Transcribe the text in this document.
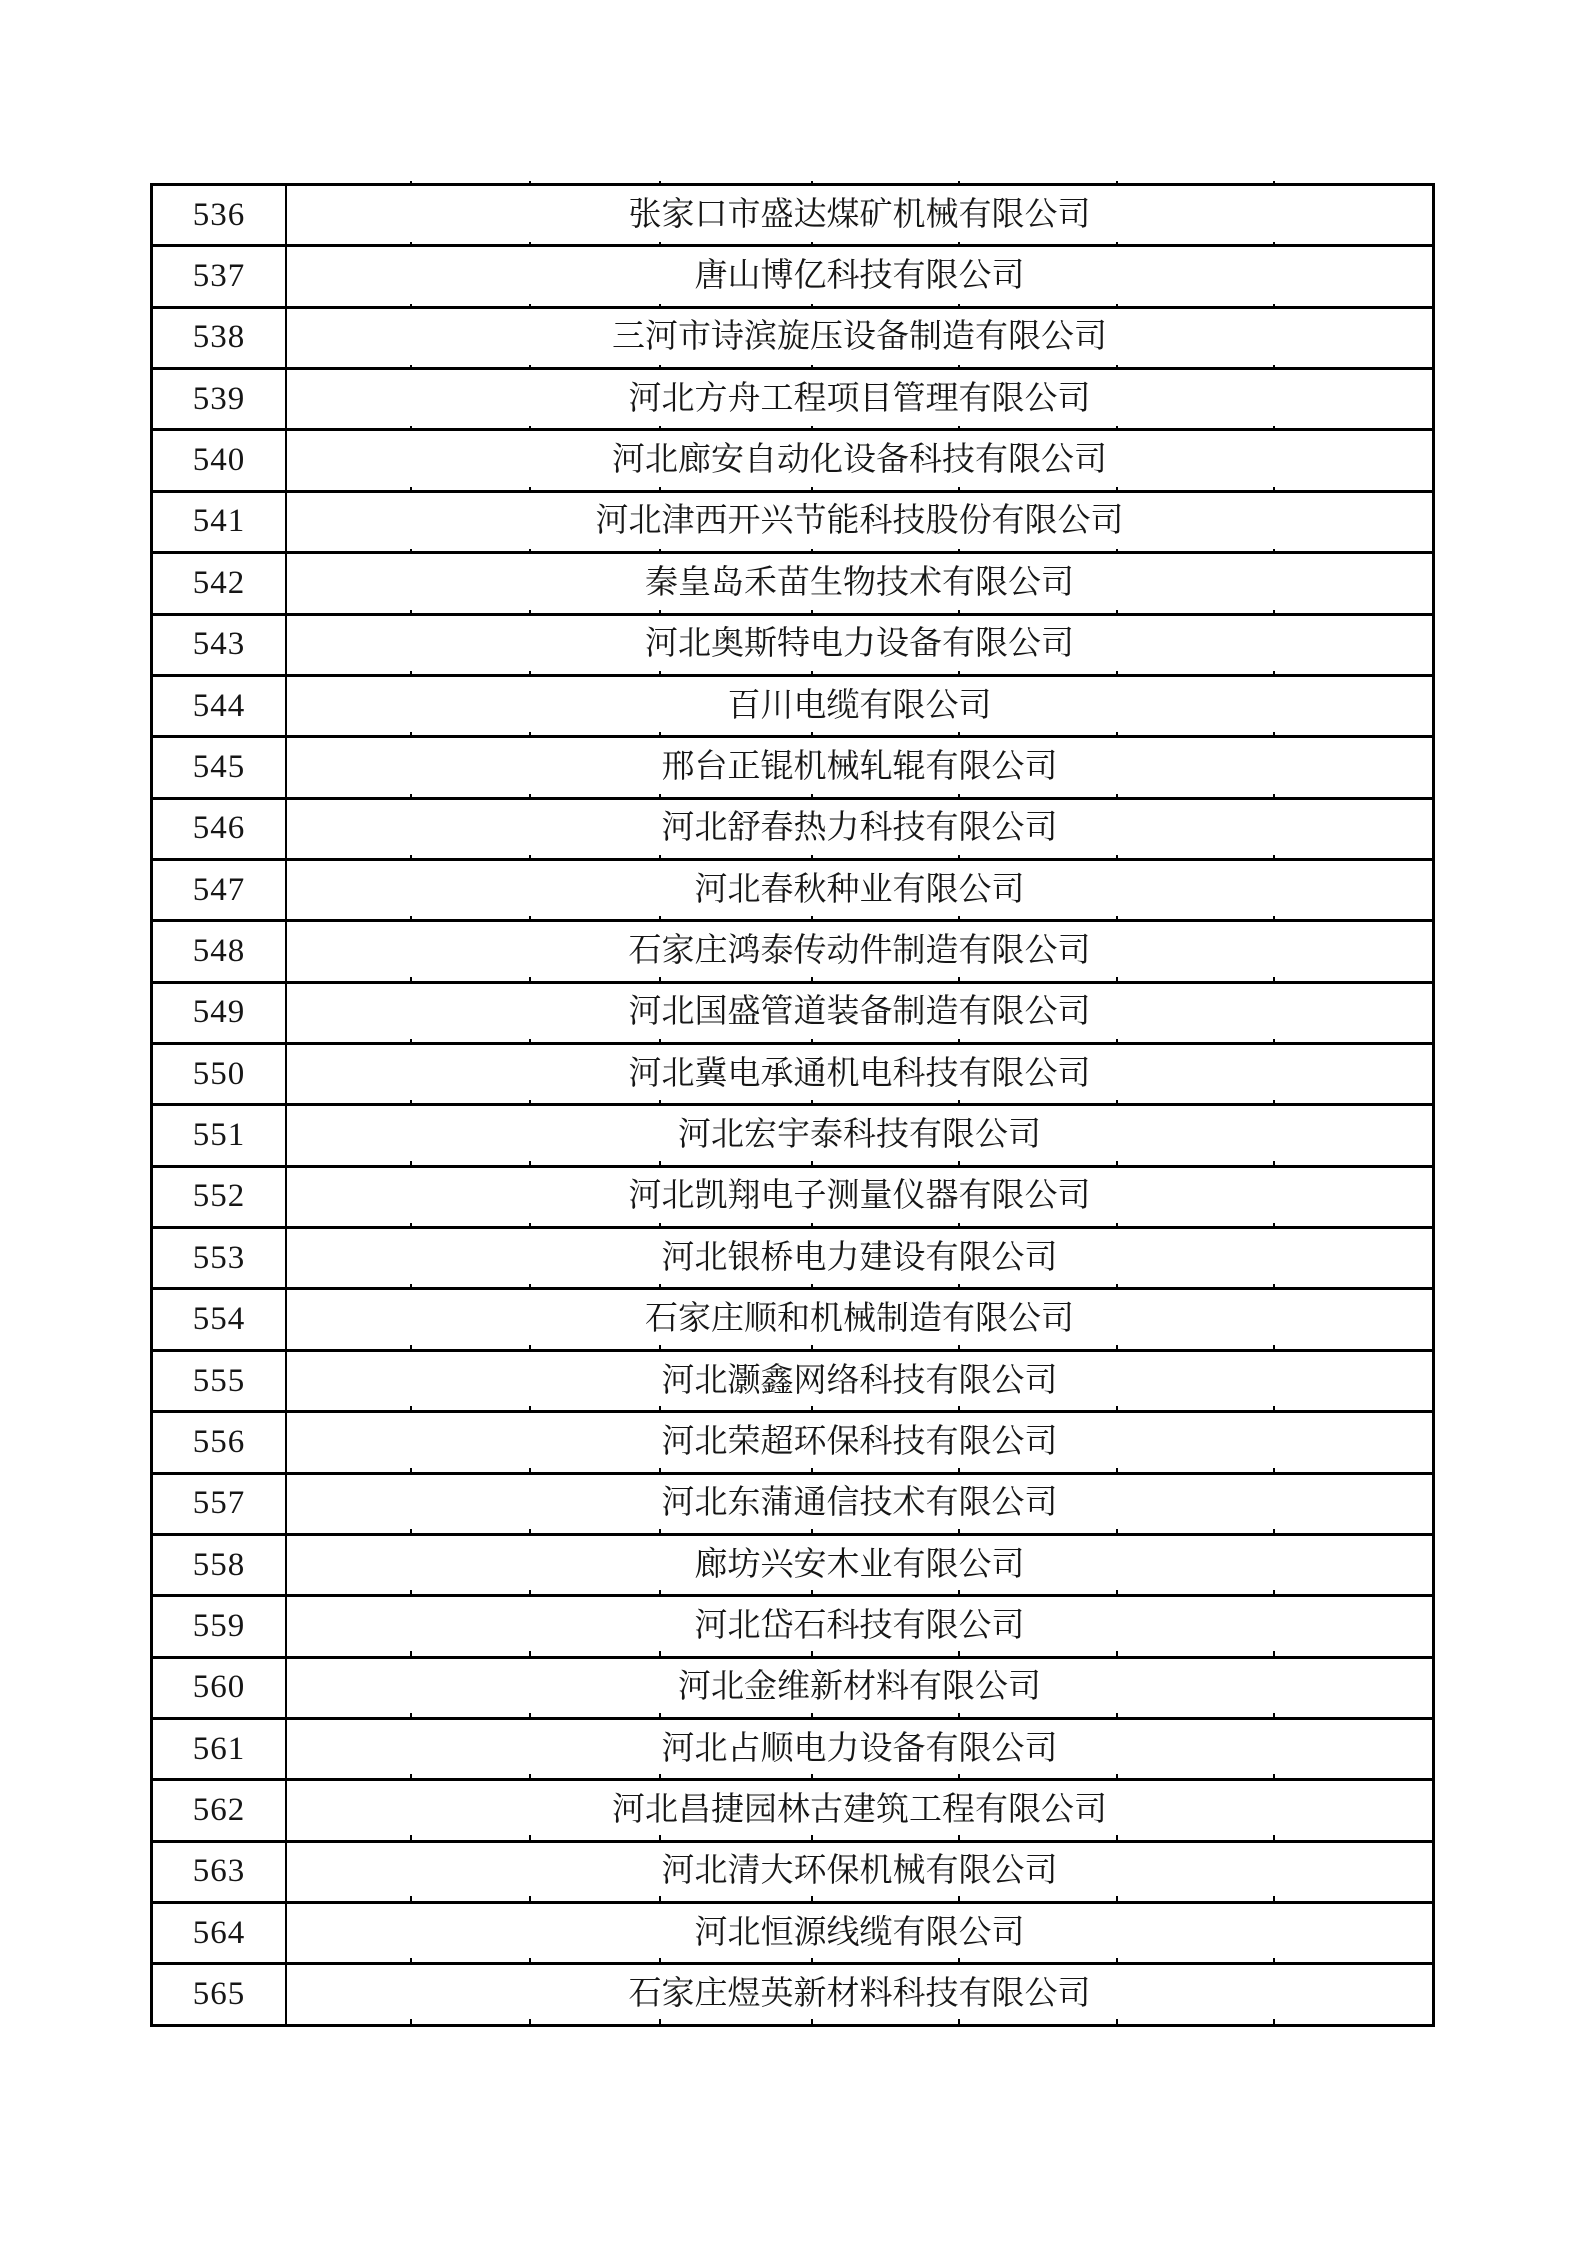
536	张家口市盛达煤矿机械有限公司
537	唐山博亿科技有限公司
538	三河市诗滨旋压设备制造有限公司
539	河北方舟工程项目管理有限公司
540	河北廊安自动化设备科技有限公司
541	河北津西开兴节能科技股份有限公司
542	秦皇岛禾苗生物技术有限公司
543	河北奥斯特电力设备有限公司
544	百川电缆有限公司
545	邢台正锟机械轧辊有限公司
546	河北舒春热力科技有限公司
547	河北春秋种业有限公司
548	石家庄鸿泰传动件制造有限公司
549	河北国盛管道装备制造有限公司
550	河北冀电承通机电科技有限公司
551	河北宏宇泰科技有限公司
552	河北凯翔电子测量仪器有限公司
553	河北银桥电力建设有限公司
554	石家庄顺和机械制造有限公司
555	河北灏鑫网络科技有限公司
556	河北荣超环保科技有限公司
557	河北东蒲通信技术有限公司
558	廊坊兴安木业有限公司
559	河北岱石科技有限公司
560	河北金维新材料有限公司
561	河北占顺电力设备有限公司
562	河北昌捷园林古建筑工程有限公司
563	河北清大环保机械有限公司
564	河北恒源线缆有限公司
565	石家庄煜英新材料科技有限公司
